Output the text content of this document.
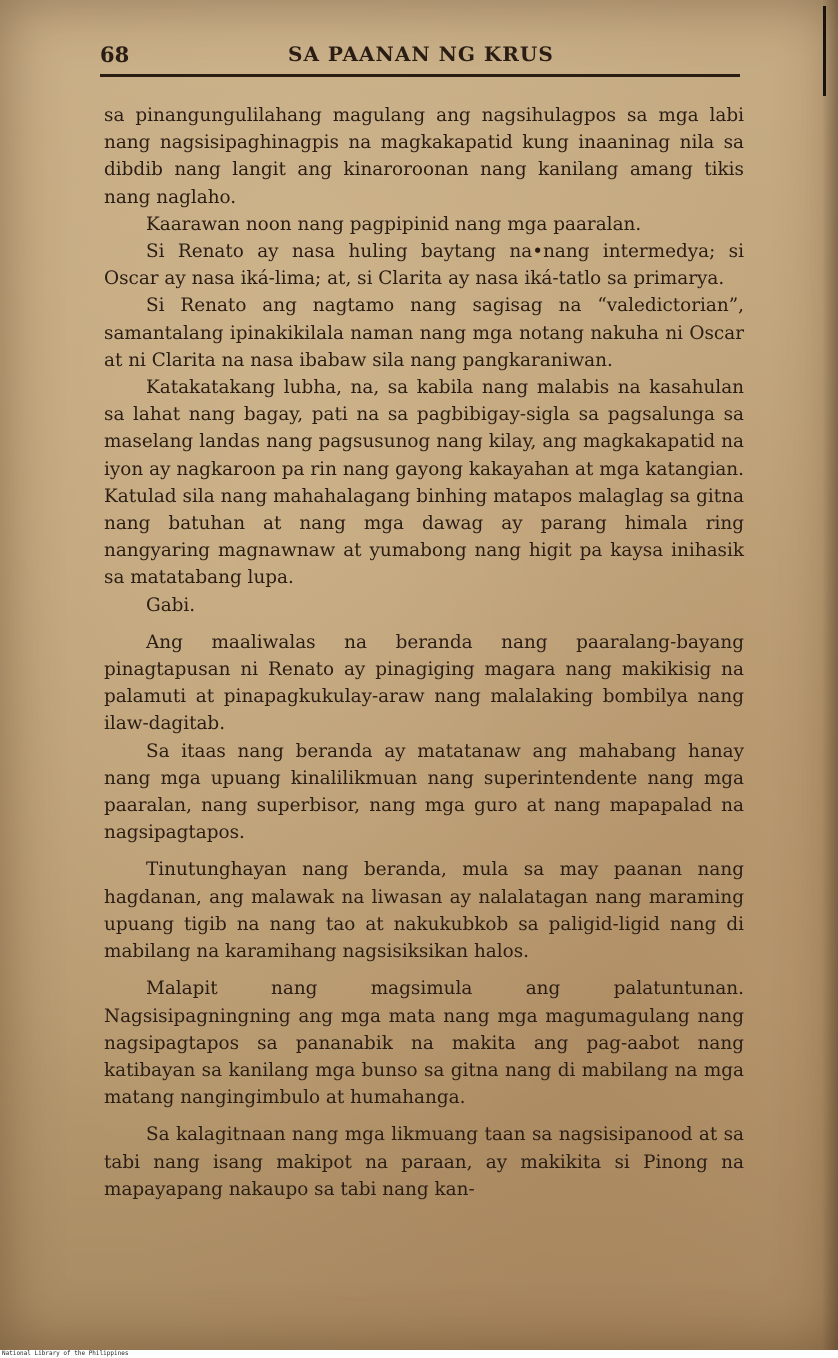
68	SA PAANAN NG KRUS

sa pinangungulilahang magulang ang nagsihulagpos sa mga labi nang nagsisipaghinagpis na magkakapatid kung inaaninag nila sa dibdib nang langit ang kinaroroonan nang kanilang amang tikis nang naglaho.

Kaarawan noon nang pagpipinid nang mga paaralan.

Si Renato ay nasa huling baytang na•nang intermedya; si Oscar ay nasa iká-lima; at, si Clarita ay nasa iká-tatlo sa primarya.

Si Renato ang nagtamo nang sagisag na “valedictorian”, samantalang ipinakikilala naman nang mga notang nakuha ni Oscar at ni Clarita na nasa ibabaw sila nang pangkaraniwan.

Katakatakang lubha, na, sa kabila nang malabis na kasahulan sa lahat nang bagay, pati na sa pagbibigay-sigla sa pagsalunga sa maselang landas nang pagsusunog nang kilay, ang magkakapatid na iyon ay nagkaroon pa rin nang gayong kakayahan at mga katangian. Katulad sila nang mahahalagang binhing matapos malaglag sa gitna nang batuhan at nang mga dawag ay parang himala ring nangyaring magnawnaw at yumabong nang higit pa kaysa inihasik sa matatabang lupa.

Gabi.

Ang maaliwalas na beranda nang paaralang-bayang pinagtapusan ni Renato ay pinagiging magara nang makikisig na palamuti at pinapagkukulay-araw nang malalaking bombilya nang ilaw-dagitab.

Sa itaas nang beranda ay matatanaw ang mahabang hanay nang mga upuang kinalilikmuan nang superintendente nang mga paaralan, nang superbisor, nang mga guro at nang mapapalad na nagsipagtapos.

Tinutunghayan nang beranda, mula sa may paanan nang hagdanan, ang malawak na liwasan ay nalalatagan nang maraming upuang tigib na nang tao at nakukubkob sa paligid-ligid nang di mabilang na karamihang nagsisiksikan halos.

Malapit nang magsimula ang palatuntunan. Nagsisipagningning ang mga mata nang mga magumagulang nang nagsipagtapos sa pananabik na makita ang pag-aabot nang katibayan sa kanilang mga bunso sa gitna nang di mabilang na mga matang nangingimbulo at humahanga.

Sa kalagitnaan nang mga likmuang taan sa nagsisipanood at sa tabi nang isang makipot na paraan, ay makikita si Pinong na mapayapang nakaupo sa tabi nang kan-

National Library of the Philippines
